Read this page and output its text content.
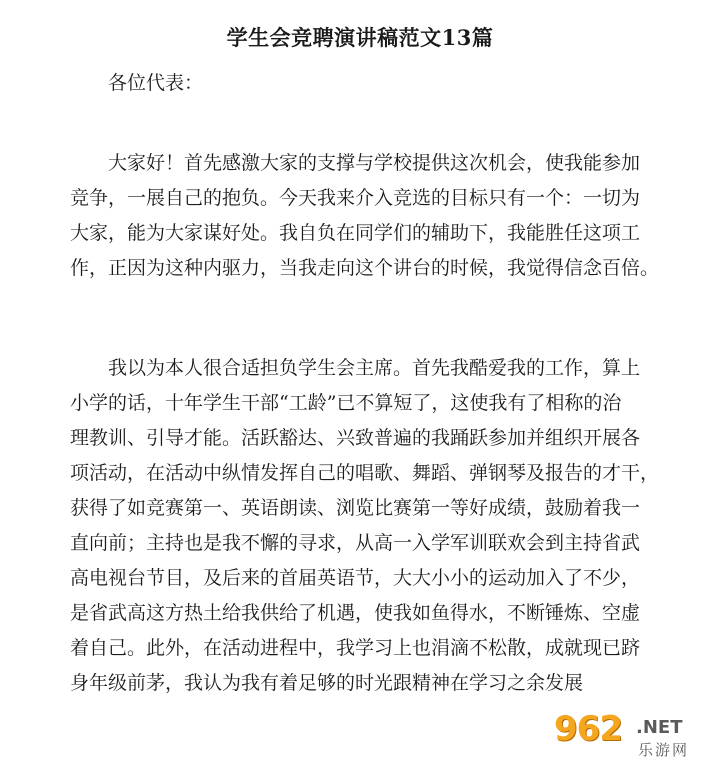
学生会竞聘演讲稿范文13篇
各位代表：
　　大家好！首先感激大家的支撑与学校提供这次机会，使我能参加
竞争，一展自己的抱负。今天我来介入竞选的目标只有一个：一切为
大家，能为大家谋好处。我自负在同学们的辅助下，我能胜任这项工
作，正因为这种内驱力，当我走向这个讲台的时候，我觉得信念百倍。
　　我以为本人很合适担负学生会主席。首先我酷爱我的工作，算上
小学的话，十年学生干部“工龄”已不算短了，这使我有了相称的治
理教训、引导才能。活跃豁达、兴致普遍的我踊跃参加并组织开展各
项活动，在活动中纵情发挥自己的唱歌、舞蹈、弹钢琴及报告的才干，
获得了如竞赛第一、英语朗读、浏览比赛第一等好成绩，鼓励着我一
直向前；主持也是我不懈的寻求，从高一入学军训联欢会到主持省武
高电视台节目，及后来的首届英语节，大大小小的运动加入了不少，
是省武高这方热土给我供给了机遇，使我如鱼得水，不断锤炼、空虚
着自己。此外，在活动进程中，我学习上也涓滴不松散，成就现已跻
身年级前茅，我认为我有着足够的时光跟精神在学习之余发展
962 .NET
乐游网
